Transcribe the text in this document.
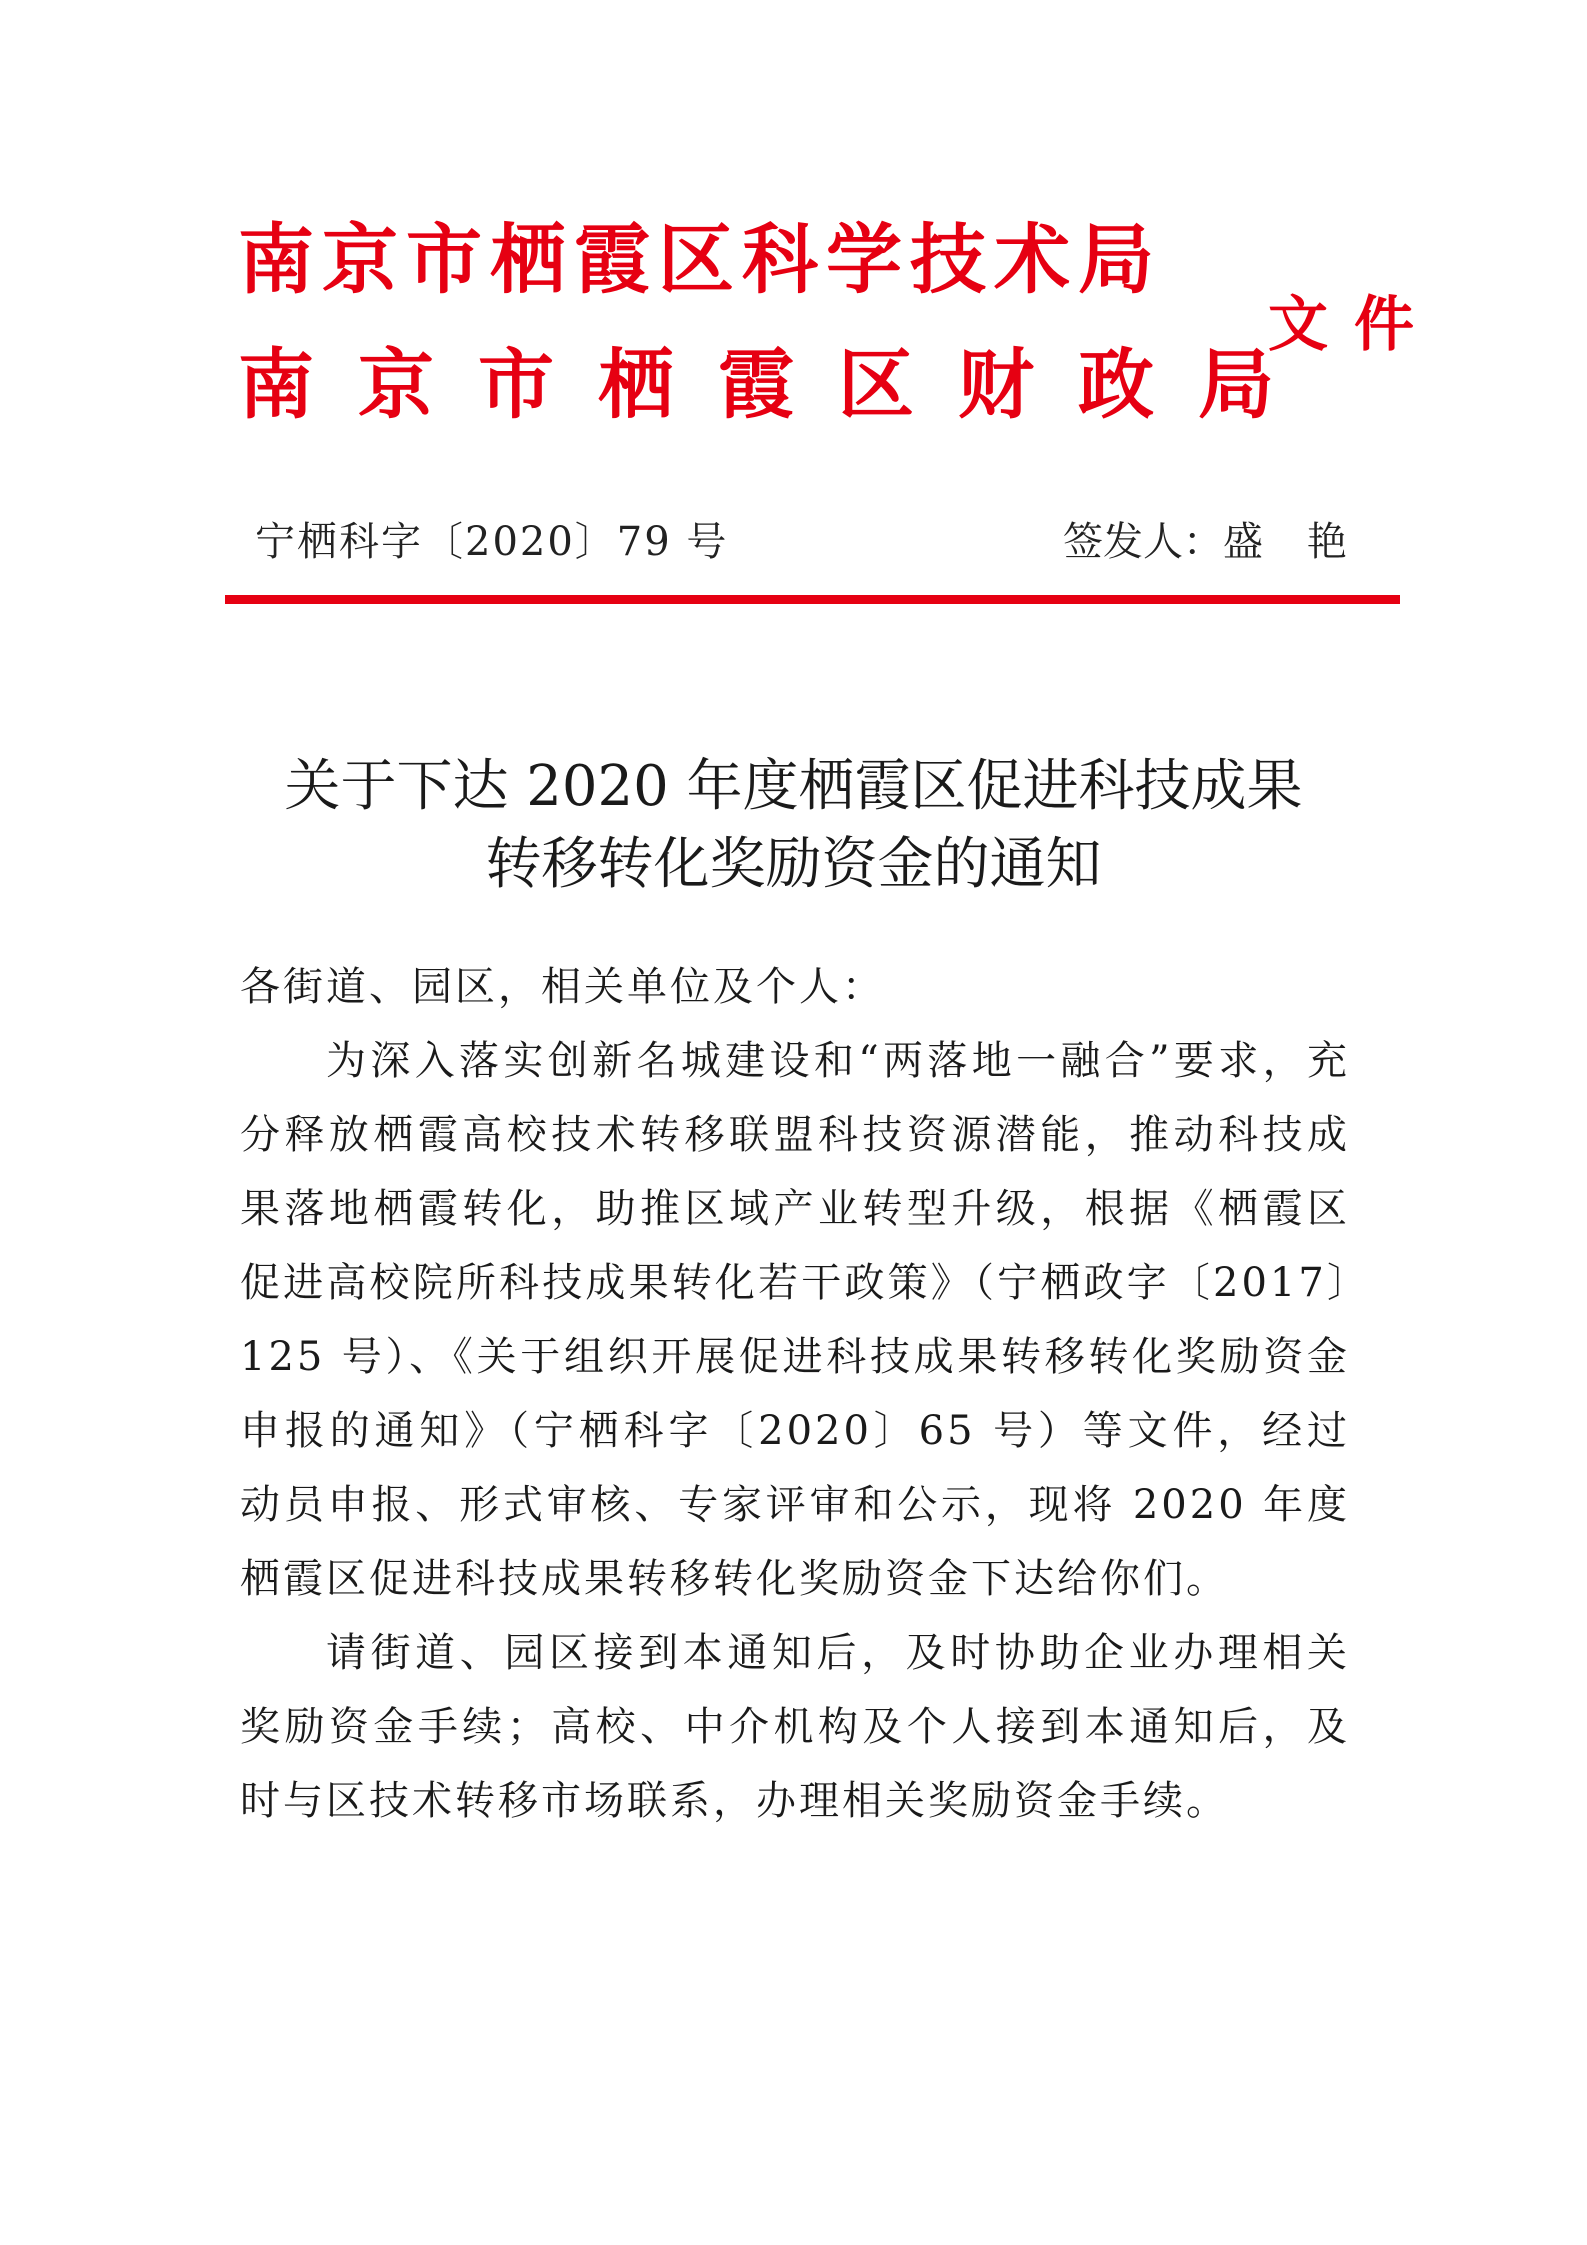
南京市栖霞区科学技术局
南京市栖霞区财政局
文件
宁栖科字〔2020〕79 号	签发人：盛艳
关于下达 2020 年度栖霞区促进科技成果
转移转化奖励资金的通知
各街道、园区，相关单位及个人：

为深入落实创新名城建设和“两落地一融合”要求，充分释放栖霞高校技术转移联盟科技资源潜能，推动科技成果落地栖霞转化，助推区域产业转型升级，根据《栖霞区促进高校院所科技成果转化若干政策》（宁栖政字〔2017〕125 号）、《关于组织开展促进科技成果转移转化奖励资金申报的通知》（宁栖科字〔2020〕65 号）等文件，经过动员申报、形式审核、专家评审和公示，现将 2020 年度栖霞区促进科技成果转移转化奖励资金下达给你们。

请街道、园区接到本通知后，及时协助企业办理相关奖励资金手续；高校、中介机构及个人接到本通知后，及时与区技术转移市场联系，办理相关奖励资金手续。
